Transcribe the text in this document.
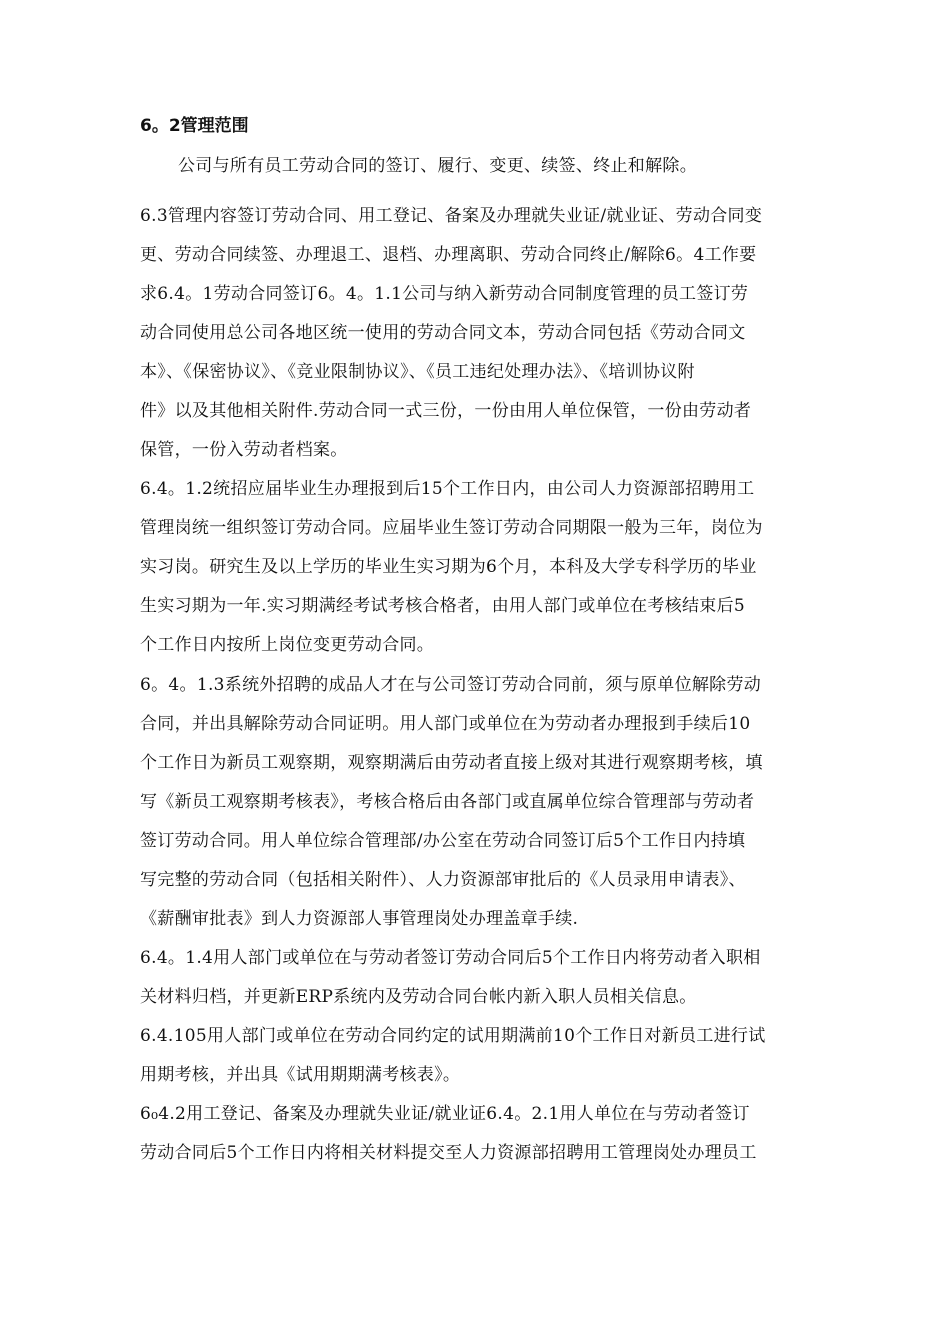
6。2管理范围
公司与所有员工劳动合同的签订、履行、变更、续签、终止和解除。
6.3管理内容签订劳动合同、用工登记、备案及办理就失业证/就业证、劳动合同变
更、劳动合同续签、办理退工、退档、办理离职、劳动合同终止/解除6。4工作要
求6.4。1劳动合同签订6。4。1.1公司与纳入新劳动合同制度管理的员工签订劳
动合同使用总公司各地区统一使用的劳动合同文本，劳动合同包括《劳动合同文
本》、《保密协议》、《竞业限制协议》、《员工违纪处理办法》、《培训协议附
件》以及其他相关附件.劳动合同一式三份，一份由用人单位保管，一份由劳动者
保管，一份入劳动者档案。
6.4。1.2统招应届毕业生办理报到后15个工作日内，由公司人力资源部招聘用工
管理岗统一组织签订劳动合同。应届毕业生签订劳动合同期限一般为三年，岗位为
实习岗。研究生及以上学历的毕业生实习期为6个月，本科及大学专科学历的毕业
生实习期为一年.实习期满经考试考核合格者，由用人部门或单位在考核结束后5
个工作日内按所上岗位变更劳动合同。
6。4。1.3系统外招聘的成品人才在与公司签订劳动合同前，须与原单位解除劳动
合同，并出具解除劳动合同证明。用人部门或单位在为劳动者办理报到手续后10
个工作日为新员工观察期，观察期满后由劳动者直接上级对其进行观察期考核，填
写《新员工观察期考核表》，考核合格后由各部门或直属单位综合管理部与劳动者
签订劳动合同。用人单位综合管理部/办公室在劳动合同签订后5个工作日内持填
写完整的劳动合同（包括相关附件）、人力资源部审批后的《人员录用申请表》、
《薪酬审批表》到人力资源部人事管理岗处办理盖章手续.
6.4。1.4用人部门或单位在与劳动者签订劳动合同后5个工作日内将劳动者入职相
关材料归档，并更新ERP系统内及劳动合同台帐内新入职人员相关信息。
6.4.105用人部门或单位在劳动合同约定的试用期满前10个工作日对新员工进行试
用期考核，并出具《试用期期满考核表》。
6₀4.2用工登记、备案及办理就失业证/就业证6.4。2.1用人单位在与劳动者签订
劳动合同后5个工作日内将相关材料提交至人力资源部招聘用工管理岗处办理员工
